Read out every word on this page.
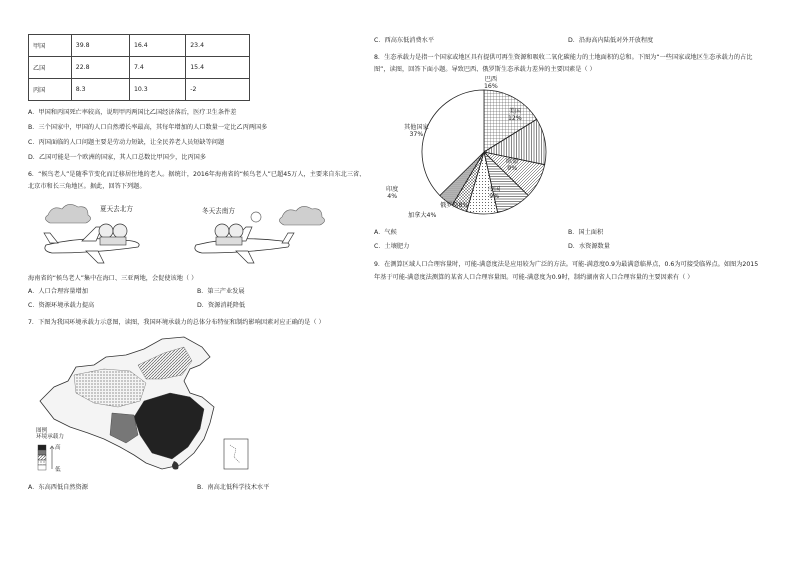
甲国	39.8	16.4	23.4
乙国	22.8	7.4	15.4
丙国	8.3	10.3	-2
A．甲国和丙国死亡率较高，说明甲丙两国比乙国经济落后，医疗卫生条件差
B．三个国家中，甲国的人口自然增长率最高，其每年增加的人口数量一定比乙丙两国多
C．丙国面临的人口问题主要是劳动力短缺，让全民养老人员短缺等问题
D．乙国可能是一个欧洲的国家，其人口总数比甲国少，比丙国多
6．“候鸟老人”是随季节变化而迁移居住地的老人。据统计，2016年海南省的“候鸟老人”已超45万人，主要来自东北三省、北京市和长三角地区。据此，回答下列题。
夏天去北方	冬天去南方
海南省的“候鸟老人”集中在海口、三亚两地，会促使该地（ ）
A．人口合理容量增加	B．第三产业发展
C．资源环境承载力提高	D．资源消耗降低
7．下图为我国环境承载力示意图，读图，我国环境承载力的总体分布特征和制约影响因素对应正确的是（ ）
图例
环境承载力
高
低
A．东高西低自然资源	B．南高北低科学技术水平
C．西高东低消费水平	D．沿海高内陆低对外开放程度
8．生态承载力是指一个国家或地区具有提供可再生资源和吸收二氧化碳能力的土地面积的总和。下图为“一些国家或地区生态承载力的占比图”，读图，回答下面小题。导致巴西、俄罗斯生态承载力差异的主要因素是（ ）
巴西
16%
美国
12%
欧盟
9%
中国
9%
俄罗斯8%
加拿大4%
印度
4%
其他国家
37%
A．气候	B．国土面积
C．土壤肥力	D．水资源数量
9．在测算区域人口合理容量时，可能-满意度法是应用较为广泛的方法。可能-满意度0.9为最满意临界点，0.6为可接受临界点。如图为2015年基于可能-满意度法测算的某省人口合理容量图。可能-满意度为0.9时，制约湖南省人口合理容量的主要因素有（ ）
